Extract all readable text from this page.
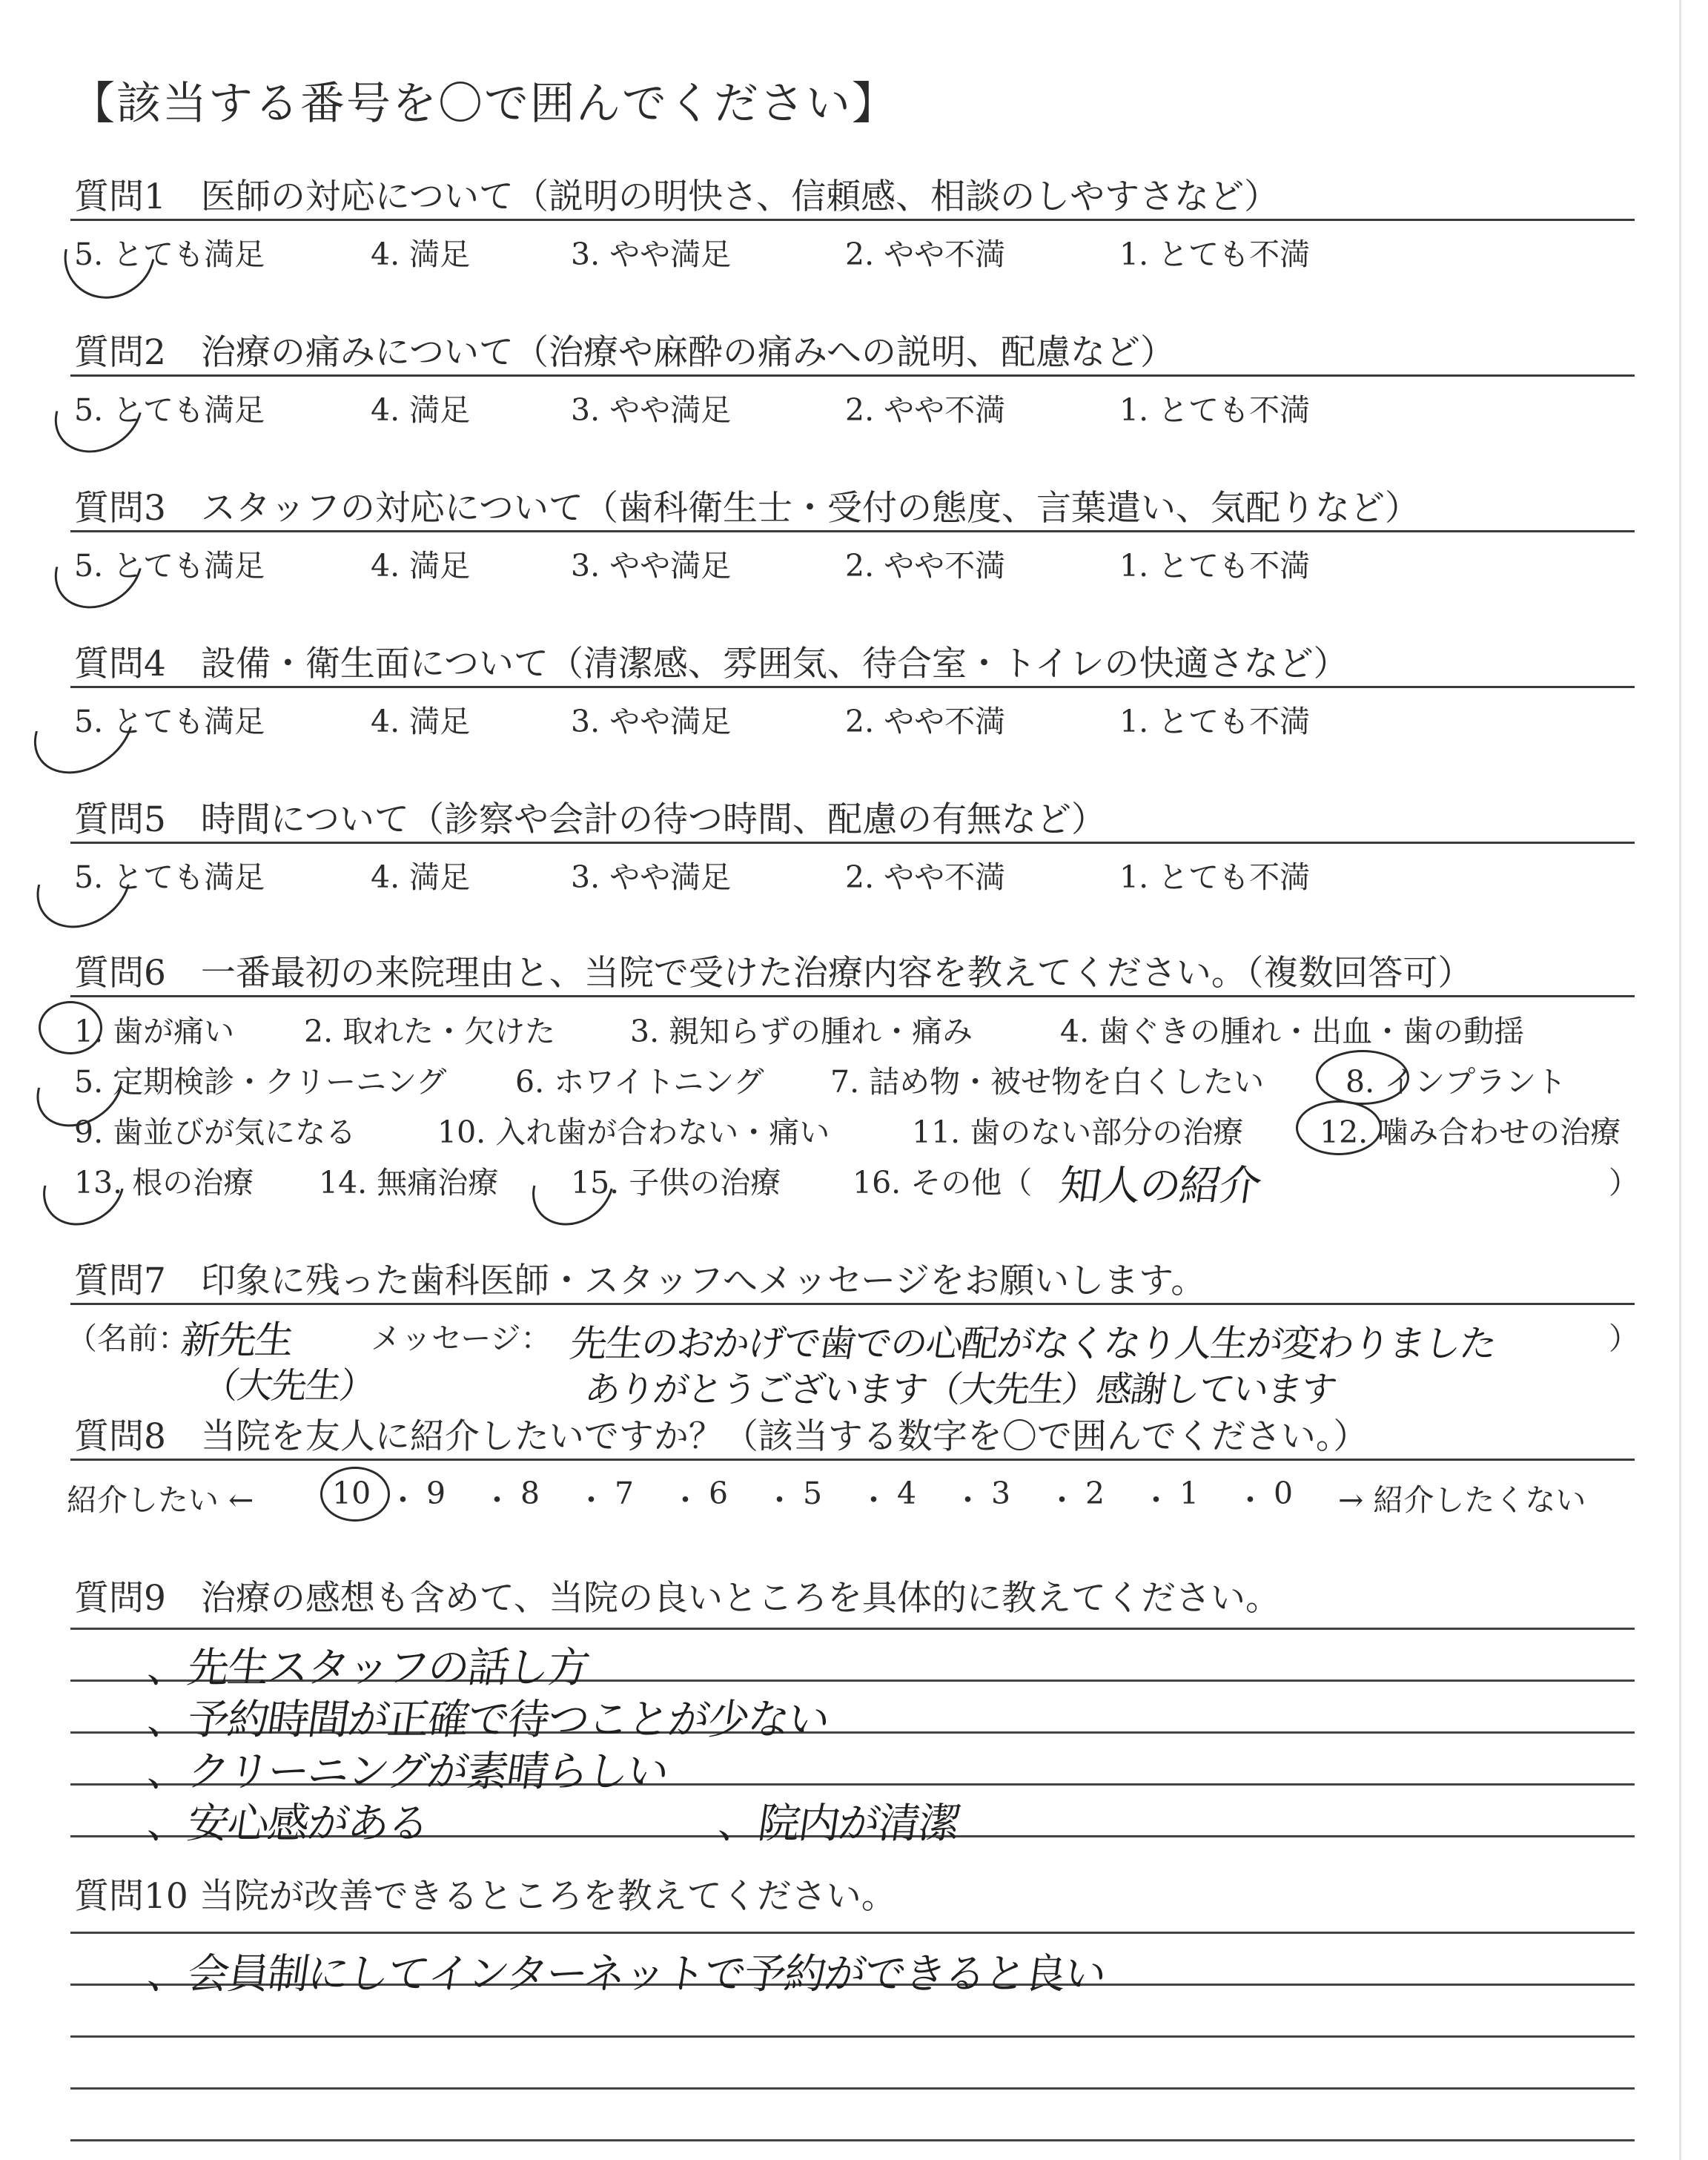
【該当する番号を〇で囲んでください】
質問1　医師の対応について（説明の明快さ、信頼感、相談のしやすさなど）
5. とても満足	4. 満足	3. やや満足	2. やや不満	1. とても不満
質問2　治療の痛みについて（治療や麻酔の痛みへの説明、配慮など）
5. とても満足	4. 満足	3. やや満足	2. やや不満	1. とても不満
質問3　スタッフの対応について（歯科衛生士・受付の態度、言葉遣い、気配りなど）
5. とても満足	4. 満足	3. やや満足	2. やや不満	1. とても不満
質問4　設備・衛生面について（清潔感、雰囲気、待合室・トイレの快適さなど）
5. とても満足	4. 満足	3. やや満足	2. やや不満	1. とても不満
質問5　時間について（診察や会計の待つ時間、配慮の有無など）
5. とても満足	4. 満足	3. やや満足	2. やや不満	1. とても不満
質問6　一番最初の来院理由と、当院で受けた治療内容を教えてください。（複数回答可）
1. 歯が痛い 2. 取れた・欠けた 3. 親知らずの腫れ・痛み	4. 歯ぐきの腫れ・出血・歯の動揺
5. 定期検診・クリーニング 6. ホワイトニング 7. 詰め物・被せ物を白くしたい	8. インプラント
9. 歯並びが気になる	10. 入れ歯が合わない・痛い	11. 歯のない部分の治療	12. 噛み合わせの治療
13. 根の治療 14. 無痛治療 15. 子供の治療 16. その他（	）
知人の紹介
質問7　印象に残った歯科医師・スタッフへメッセージをお願いします。
（名前：
新先生
（大先生）
メッセージ： 先生のおかげで歯での心配がなくなり人生が変わりました
ありがとうございます（大先生）感謝しています
）
質問8　当院を友人に紹介したいですか？（該当する数字を〇で囲んでください。）
紹介したい ←	→ 紹介したくない
10 ・ 9 ・ 8 ・ 7 ・ 6 ・ 5 ・ 4 ・ 3 ・ 2 ・ 1 ・ 0
質問9　治療の感想も含めて、当院の良いところを具体的に教えてください。
、先生スタッフの話し方
、予約時間が正確で待つことが少ない
、クリーニングが素晴らしい
、安心感がある	、院内が清潔
質問10 当院が改善できるところを教えてください。
、会員制にしてインターネットで予約ができると良い
